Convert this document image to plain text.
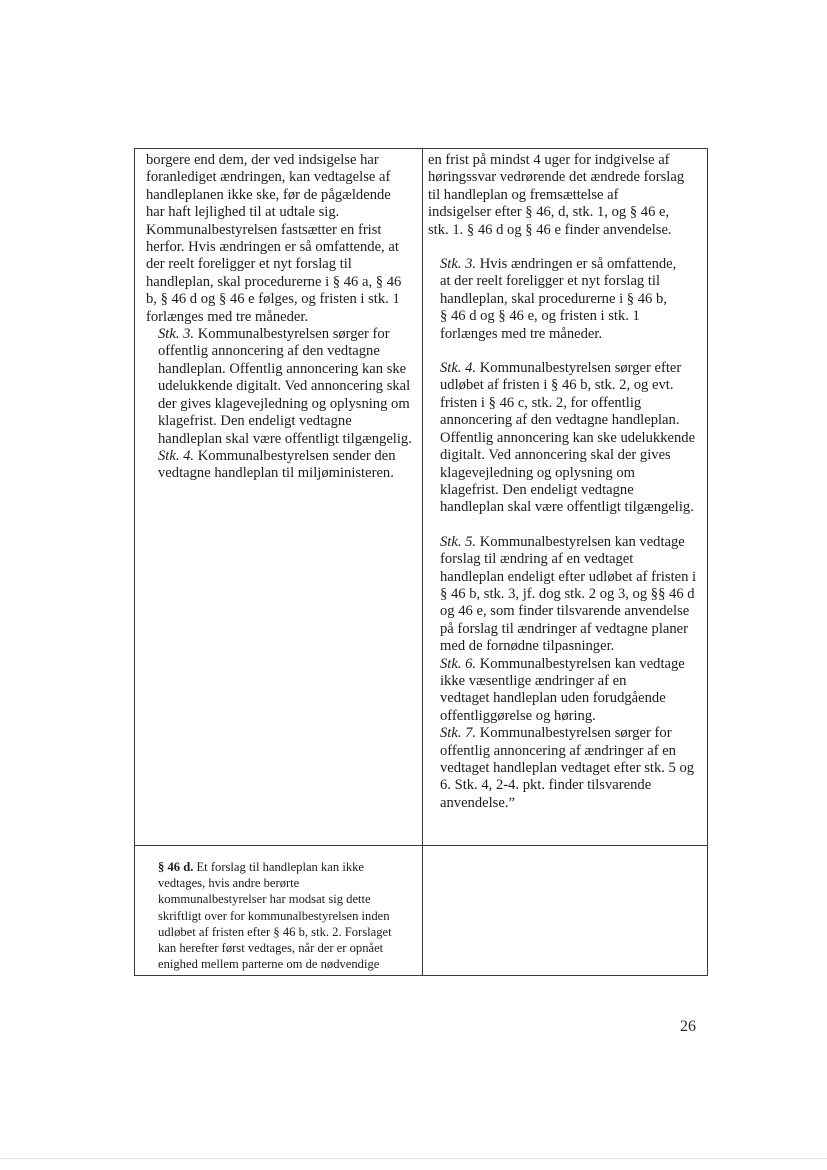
borgere end dem, der ved indsigelse har
foranlediget ændringen, kan vedtagelse af
handleplanen ikke ske, før de pågældende
har haft lejlighed til at udtale sig.
Kommunalbestyrelsen fastsætter en frist
herfor. Hvis ændringen er så omfattende, at
der reelt foreligger et nyt forslag til
handleplan, skal procedurerne i § 46 a, § 46
b, § 46 d og § 46 e følges, og fristen i stk. 1
forlænges med tre måneder.

Stk. 3. Kommunalbestyrelsen sørger for
offentlig annoncering af den vedtagne
handleplan. Offentlig annoncering kan ske
udelukkende digitalt. Ved annoncering skal
der gives klagevejledning og oplysning om
klagefrist. Den endeligt vedtagne
handleplan skal være offentligt tilgængelig.

Stk. 4. Kommunalbestyrelsen sender den
vedtagne handleplan til miljøministeren.

en frist på mindst 4 uger for indgivelse af
høringssvar vedrørende det ændrede forslag
til handleplan og fremsættelse af
indsigelser efter § 46, d, stk. 1, og § 46 e,
stk. 1. § 46 d og § 46 e finder anvendelse.

Stk. 3. Hvis ændringen er så omfattende,
at der reelt foreligger et nyt forslag til
handleplan, skal procedurerne i § 46 b,
§ 46 d og § 46 e, og fristen i stk. 1
forlænges med tre måneder.

Stk. 4. Kommunalbestyrelsen sørger efter
udløbet af fristen i § 46 b, stk. 2, og evt.
fristen i § 46 c, stk. 2, for offentlig
annoncering af den vedtagne handleplan.
Offentlig annoncering kan ske udelukkende
digitalt. Ved annoncering skal der gives
klagevejledning og oplysning om
klagefrist. Den endeligt vedtagne
handleplan skal være offentligt tilgængelig.

Stk. 5. Kommunalbestyrelsen kan vedtage
forslag til ændring af en vedtaget
handleplan endeligt efter udløbet af fristen i
§ 46 b, stk. 3, jf. dog stk. 2 og 3, og §§ 46 d
og 46 e, som finder tilsvarende anvendelse
på forslag til ændringer af vedtagne planer
med de fornødne tilpasninger.

Stk. 6. Kommunalbestyrelsen kan vedtage
ikke væsentlige ændringer af en
vedtaget handleplan uden forudgående
offentliggørelse og høring.

Stk. 7. Kommunalbestyrelsen sørger for
offentlig annoncering af ændringer af en
vedtaget handleplan vedtaget efter stk. 5 og
6. Stk. 4, 2-4. pkt. finder tilsvarende
anvendelse.”

§ 46 d. Et forslag til handleplan kan ikke
vedtages, hvis andre berørte
kommunalbestyrelser har modsat sig dette
skriftligt over for kommunalbestyrelsen inden
udløbet af fristen efter § 46 b, stk. 2. Forslaget
kan herefter først vedtages, når der er opnået
enighed mellem parterne om de nødvendige

26
